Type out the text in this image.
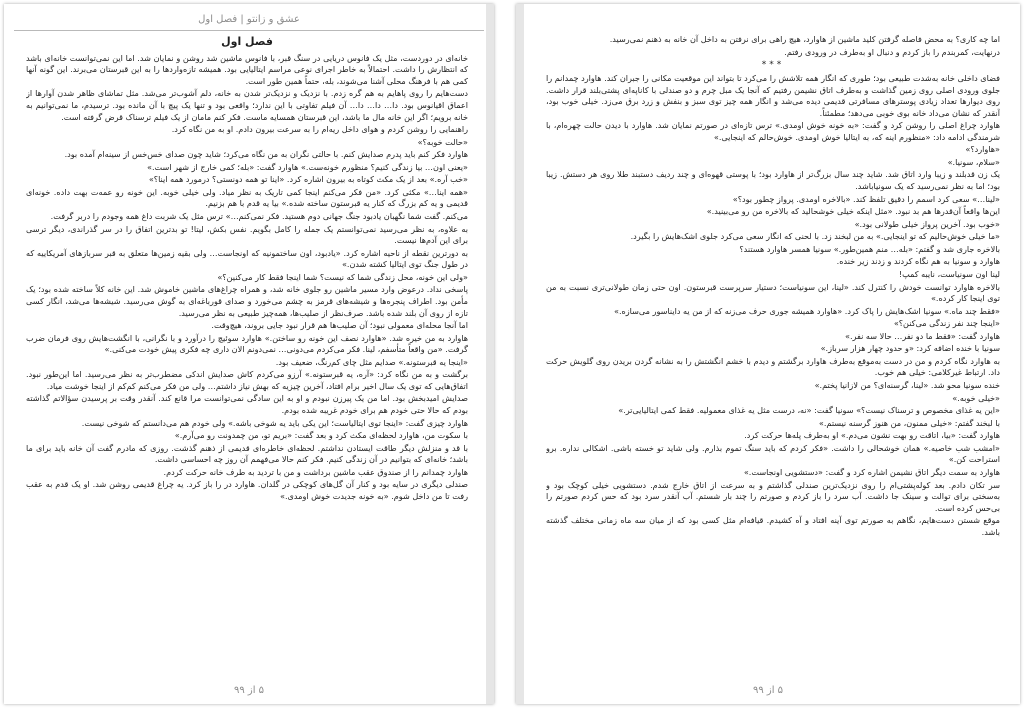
عشق و زانتو | فصل اول
فصل اول

خانه‌ای در دوردست، مثل یک فانوس دریایی در سنگ قبر، با فانوس ماشین شد روشن و نمایان شد. اما این نمی‌توانست خانه‌ای باشد که انتظارش را داشت. احتمالاً به خاطر اجرای نوعی مراسم ایتالیایی بود. همیشه تازه‌واردها را به این قبرستان می‌برند. این گونه آنها کمی هم با فرهنگ محلی آشنا می‌شوند، بله، حتماً همین طور است.

دست‌هایم را روی پاهایم به هم گره زدم. با نزدیک و نزدیک‌تر شدن به خانه، دلم آشوب‌تر می‌شد. مثل تماشای ظاهر شدن آوارها از اعماق اقیانوس بود. دا… دا… دا… آن فیلم تفاوتی با این ندارد؛ واقعی بود و تنها یک پیچ با آن مانده بود. ترسیدم، ما نمی‌توانیم به خانه برویم؛ اگر این خانه مال ما باشد، این قبرستان همسایه ماست. فکر کنم مامان از یک فیلم ترسناک قرض گرفته است.

راهنمایی را روشن کردم و هوای داخل ریه‌ام را به سرعت بیرون دادم. او به من نگاه کرد.

«حالت خوبه؟»

هاوارد فکر کنم باید پدرم صدایش کنم. با حالتی نگران به من نگاه می‌کرد؛ شاید چون صدای خس‌خس از سینه‌ام آمده بود.

«یعنی اون… بیا زندگی کنیم؟ منظورم خونه‌ست.» هاوارد گفت: «بله؛ کمی خارج از شهر است.»

«خب آره.» بعد از یک مکث کوتاه به بیرون اشاره کرد. «اینا تو همه دونستی؟ درمورد همه اینا؟»

«همه اینا…» مکثی کرد. «من فکر می‌کنم اینجا کمی تاریک به نظر میاد. ولی خیلی خوبه. این خونه رو عمه‌ت بهت داده. خونه‌ای قدیمی و یه کم بزرگ که کنار یه قبرستون ساخته شده.» بیا یه قدم با هم بزنیم.

می‌کنم. گفت شما نگهبان یادبود جنگ جهانی دوم هستید. فکر نمی‌کنم…» ترس مثل یک شربت داغ همه وجودم را دربر گرفت.

به علاوه، به نظر می‌رسید نمی‌توانستم یک جمله را کامل بگویم. نفس بکش، لیتا! تو بدترین اتفاق را در سر گذراندی، دیگر ترسی برای این آدم‌ها نیست.

به دورترین نقطه از ناحیه اشاره کرد. «یادبود، اون ساختمونیه که اونجاست… ولی بقیه زمین‌ها متعلق به قبر سربازهای آمریکاییه که در طول جنگ توی ایتالیا کشته شدن.»

«ولی این خونه، محل زندگی شما که نیست؟ شما اینجا فقط کار می‌کنین؟»

پاسخی نداد. درعوض وارد مسیر ماشین رو جلوی خانه شد، و همراه چراغ‌های ماشین خاموش شد. این خانه کلاً ساخته شده بود؛ یک مأمن بود. اطراف پنجره‌ها و شیشه‌های قرمز به چشم می‌خورد و صدای قورباغه‌ای به گوش می‌رسید. شیشه‌ها می‌شد، انگار کسی تازه از روی آن بلند شده باشد. صرف‌نظر از صلیب‌ها، همه‌چیز طبیعی به نظر می‌رسید.

اما آنجا محله‌ای معمولی نبود؛ آن صلیب‌ها هم قرار نبود جایی بروند، هیچ‌وقت.

هاوارد به من خیره شد. «هاوارد نصف این خونه رو ساختن.» هاوارد سوئیچ را درآورد و با نگرانی، با انگشت‌هایش روی فرمان ضرب گرفت. «من واقعاً متأسفم، لینا. فکر می‌کردم می‌دونی… نمی‌دونم الان داری چه فکری پیش خودت می‌کنی.»

«اینجا یه قبرستونه.» صدایم مثل چای کم‌رنگ، ضعیف بود.

برگشت و به من نگاه کرد: «آره، یه قبرستونه.» آرزو می‌کردم کاش صدایش اندکی مضطرب‌تر به نظر می‌رسید. اما این‌طور نبود. اتفاق‌هایی که توی یک سال اخیر برام افتاد، آخرین چیزیه که بهش نیاز داشتم… ولی من فکر می‌کنم کم‌کم از اینجا خوشت میاد.

صدایش امیدبخش بود. اما من یک پیرزن نبودم و او به این سادگی نمی‌توانست مرا قانع کند. آنقدر وقت بر پرسیدن سؤالاتم گذاشته بودم که حالا حتی خودم هم برای خودم غریبه شده بودم.

هاوارد چیزی گفت: «اینجا توی ایتالیاست؛ این یکی باید یه شوخی باشه.» ولی خودم هم می‌دانستم که شوخی نیست.

با سکوت من، هاوارد لحظه‌ای مکث کرد و بعد گفت: «بریم تو، من چمدونت رو می‌آرم.»

با قد و منزلش دیگر طاقت ایستادن نداشتم. لحظه‌ای خاطره‌ای قدیمی از ذهنم گذشت. روزی که مادرم گفت آن خانه باید برای ما باشد؛ خانه‌ای که بتوانیم در آن زندگی کنیم. فکر کنم حالا می‌فهمم آن روز چه احساسی داشت.

هاوارد چمدانم را از صندوق عقب ماشین برداشت و من با تردید به طرف خانه حرکت کردم.

صندلی دیگری در سایه بود و کنار آن گل‌های کوچکی در گلدان. هاوارد در را باز کرد. یه چراغ قدیمی روشن شد. او یک قدم به عقب رفت تا من داخل شوم. «به خونه جدیدت خوش اومدی.»

۵ از ۹۹

اما چه کاری؟ به محض فاصله گرفتن کلید ماشین از هاوارد، هیچ راهی برای نرفتن به داخل آن خانه به ذهنم نمی‌رسید.

درنهایت، کمربندم را باز کردم و دنبال او به‌طرف در ورودی رفتم.

***

فضای داخلی خانه به‌شدت طبیعی بود؛ طوری که انگار همه تلاشش را می‌کرد تا بتواند این موقعیت مکانی را جبران کند. هاوارد چمدانم را جلوی ورودی اصلی روی زمین گذاشت و به‌طرف اتاق نشیمن رفتیم که آنجا یک مبل چرم و دو صندلی با کاناپه‌ای پشتی‌بلند قرار داشت. روی دیوارها تعداد زیادی پوسترهای مسافرتی قدیمی دیده می‌شد و انگار همه چیز توی سبز و بنفش و زرد برق می‌زد. خیلی خوب بود، آنقدر که نشان می‌داد خانه بوی خوبی می‌دهد؛ مطمئناً.

هاوارد چراغ اصلی را روشن کرد و گفت: «به خونه خوش اومدی.» ترس تازه‌ای در صورتم نمایان شد. هاوارد با دیدن حالت چهره‌ام، با شرمندگی ادامه داد: «منظورم اینه که، به ایتالیا خوش اومدی. خوش‌حالم که اینجایی.»

«هاوارد؟»

«سلام، سونیا.»

یک زن قدبلند و زیبا وارد اتاق شد. شاید چند سال بزرگ‌تر از هاوارد بود؛ با پوستی قهوه‌ای و چند ردیف دستبند طلا روی هر دستش. زیبا بود؛ اما به نظر نمی‌رسید که یک سونیاباشد.

«لینا…» سعی کرد اسمم را دقیق تلفظ کند. «بالاخره اومدی. پرواز چطور بود؟»

این‌ها واقعاً آن‌قدرها هم بد نبود. «مثل اینکه خیلی خوشحالید که بالاخره من رو می‌بینید.»

«خوب بود. آخرین پرواز خیلی طولانی بود.»

«ما خیلی خوش‌حالیم که تو اینجایی.» به من لبخند زد. با لحنی که انگار سعی می‌کرد جلوی اشک‌هایش را بگیرد.

بالاخره جاری شد و گفتم: «بله… منم همین‌طور.» سونیا همسر هاوارد هستند؟

هاوارد و سونیا به هم نگاه کردند و زدند زیر خنده.

لینا اون سونیاست، نایبه کمپ!

بالاخره هاوارد توانست خودش را کنترل کند. «لینا، این سونیاست؛ دستیار سرپرست قبرستون. اون حتی زمان طولانی‌تری نسبت به من توی اینجا کار کرده.»

«فقط چند ماه.» سونیا اشک‌هایش را پاک کرد. «هاوارد همیشه جوری حرف می‌زنه که از من یه دایناسور می‌سازه.»

«اینجا چند نفر زندگی می‌کنن؟»

هاوارد گفت: «فقط ما دو نفر… حالا سه نفر.»

سونیا با خنده اضافه کرد: «و حدود چهار هزار سرباز.»

به هاوارد نگاه کردم و من در دست به‌موقع به‌طرف هاوارد برگشتم و دیدم با خشم انگشتش را به نشانه گردن بریدن روی گلویش حرکت داد. ارتباط غیرکلامی: خیلی هم خوب.

خنده سونیا محو شد. «لینا، گرسنه‌ای؟ من لازانیا پختم.»

«خیلی خوبه.»

«این یه غذای مخصوص و ترسناک نیست؟» سونیا گفت: «نه، درست مثل یه غذای معمولیه. فقط کمی ایتالیایی‌تر.»

با لبخند گفتم: «خیلی ممنون، من هنوز گرسنه نیستم.»

هاوارد گفت: «بیا، اتاقت رو بهت نشون می‌دم.» او به‌طرف پله‌ها حرکت کرد.

«امشب شب خاصیه.» همان خوشحالی را داشت. «فکر کردم که باید سنگ تموم بذارم. ولی شاید تو خسته باشی. اشکالی نداره. برو استراحت کن.»

هاوارد به سمت دیگر اتاق نشیمن اشاره کرد و گفت: «دستشویی اونجاست.»

سر تکان دادم. بعد کوله‌پشتی‌ام را روی نزدیک‌ترین صندلی گذاشتم و به سرعت از اتاق خارج شدم. دستشویی خیلی کوچک بود و به‌سختی برای توالت و سینک جا داشت. آب سرد را باز کردم و صورتم را چند بار شستم. آب آنقدر سرد بود که حس کردم صورتم را بی‌حس کرده است.

موقع شستن دست‌هایم، نگاهم به صورتم توی آینه افتاد و آه کشیدم. قیافه‌ام مثل کسی بود که از میان سه ماه زمانی مختلف گذشته باشد.

۵ از ۹۹
